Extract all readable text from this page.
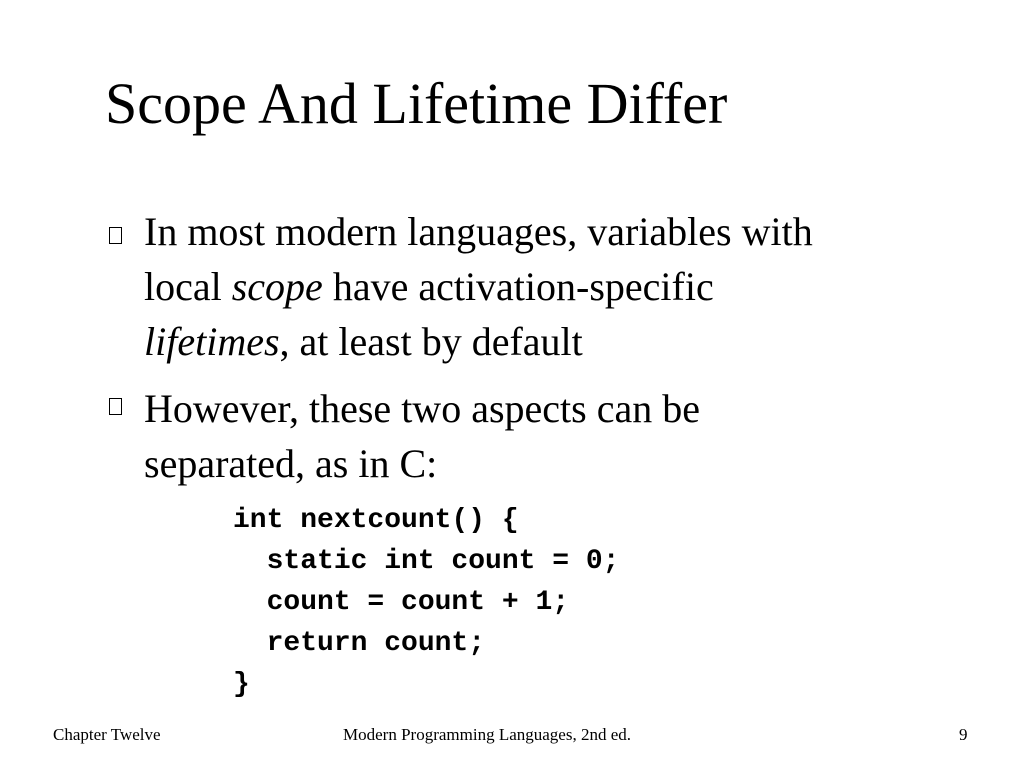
Scope And Lifetime Differ
In most modern languages, variables with
local scope have activation-specific
lifetimes, at least by default
However, these two aspects can be
separated, as in C:
int nextcount() {
static int count = 0;
count = count + 1;
return count;
}
Chapter Twelve	Modern Programming Languages, 2nd ed.	9
